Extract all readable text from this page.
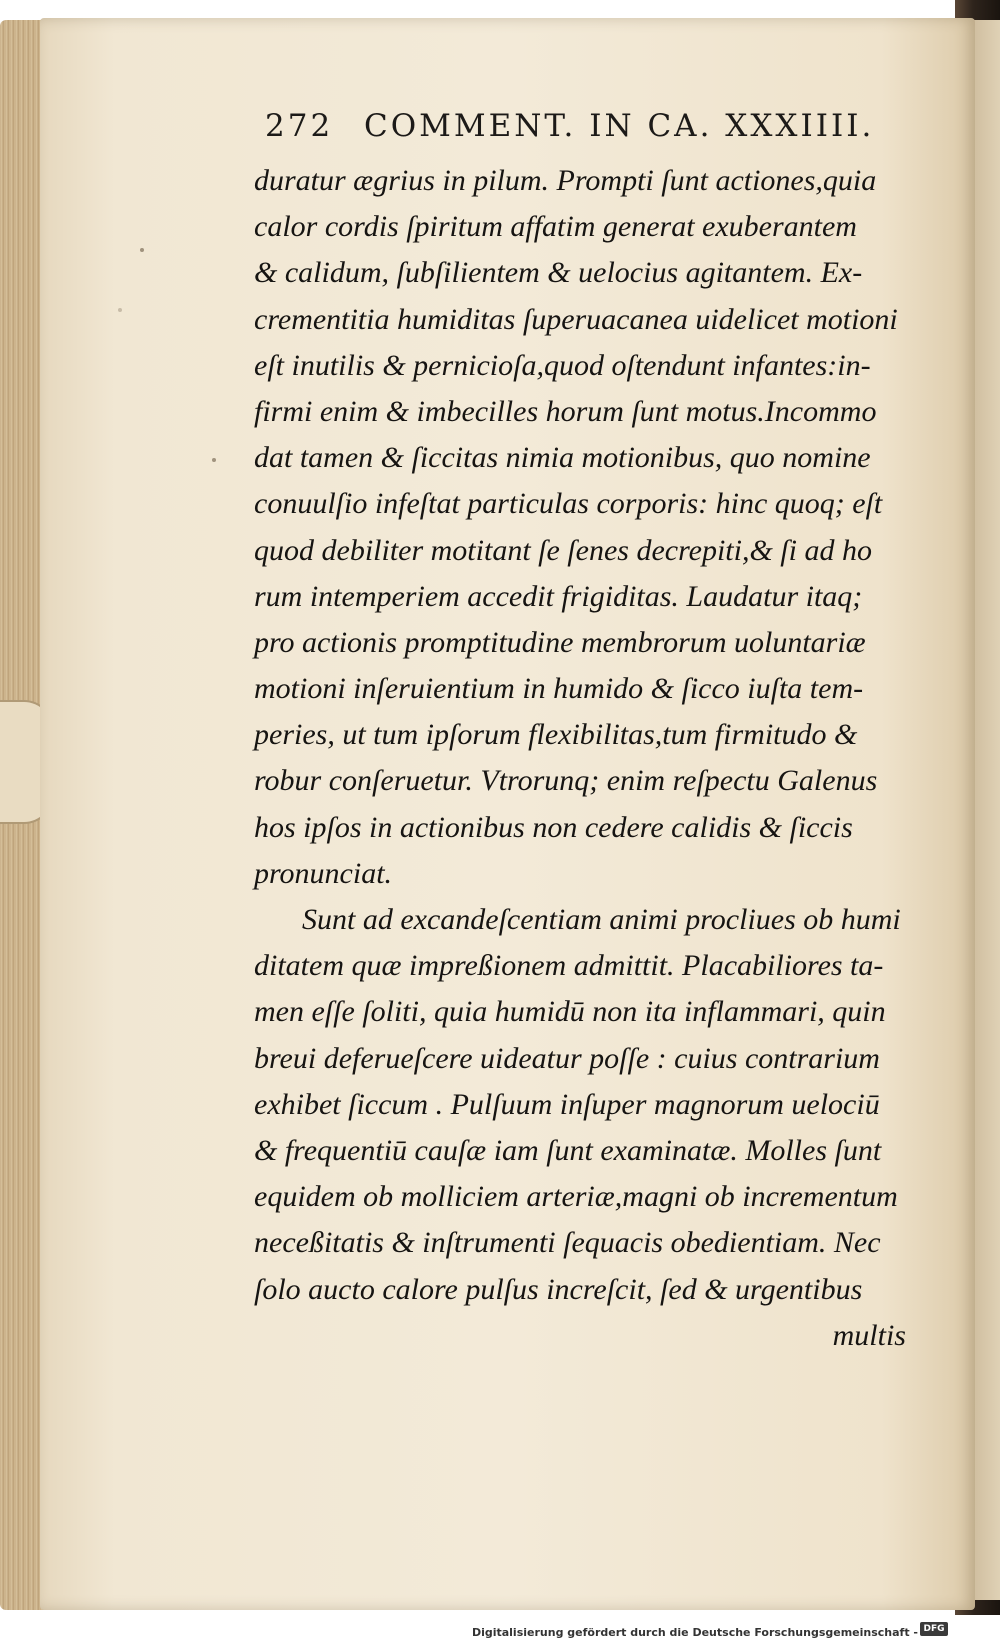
272 COMMENT. IN CA. XXXIIII.
duratur ægrius in pilum. Prompti ſunt actiones,quia
calor cordis ſpiritum affatim generat exuberantem
& calidum, ſubſilientem & uelocius agitantem. Ex-
crementitia humiditas ſuperuacanea uidelicet motioni
eſt inutilis & pernicioſa,quod oſtendunt infantes:in-
firmi enim & imbecilles horum ſunt motus.Incommo
dat tamen & ſiccitas nimia motionibus, quo nomine
conuulſio infeſtat particulas corporis: hinc quoq; eſt
quod debiliter motitant ſe ſenes decrepiti,& ſi ad ho
rum intemperiem accedit frigiditas. Laudatur itaq;
pro actionis promptitudine membrorum uoluntariæ
motioni inſeruientium in humido & ſicco iuſta tem-
peries, ut tum ipſorum flexibilitas,tum firmitudo &
robur conſeruetur. Vtrorunq; enim reſpectu Galenus
hos ipſos in actionibus non cedere calidis & ſiccis
pronunciat.
Sunt ad excandeſcentiam animi procliues ob humi
ditatem quæ impreßionem admittit. Placabiliores ta-
men eſſe ſoliti, quia humidū non ita inflammari, quin
breui deferueſcere uideatur poſſe : cuius contrarium
exhibet ſiccum . Pulſuum inſuper magnorum uelociū
& frequentiū cauſæ iam ſunt examinatæ. Molles ſunt
equidem ob molliciem arteriæ,magni ob incrementum
neceßitatis & inſtrumenti ſequacis obedientiam. Nec
ſolo aucto calore pulſus increſcit, ſed & urgentibus
multis
Digitalisierung gefördert durch die Deutsche Forschungsgemeinschaft - DFG
